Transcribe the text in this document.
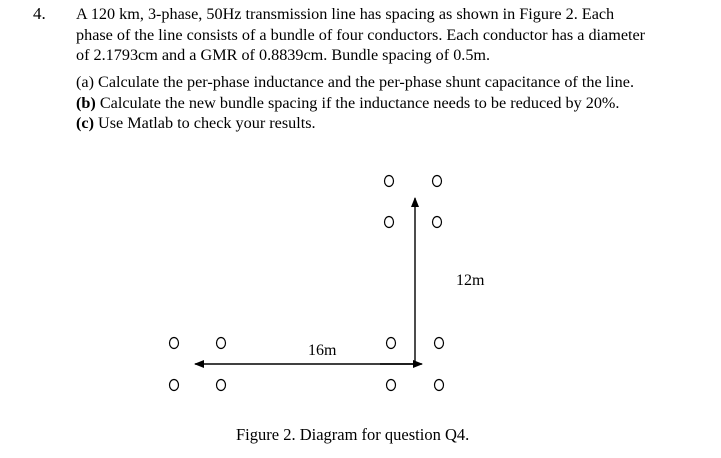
4. A 120 km, 3-phase, 50Hz transmission line has spacing as shown in Figure 2. Each
phase of the line consists of a bundle of four conductors. Each conductor has a diameter
of 2.1793cm and a GMR of 0.8839cm. Bundle spacing of 0.5m.
(a) Calculate the per-phase inductance and the per-phase shunt capacitance of the line.
(b) Calculate the new bundle spacing if the inductance needs to be reduced by 20%.
(c) Use Matlab to check your results.
12m
16m
Figure 2. Diagram for question Q4.
